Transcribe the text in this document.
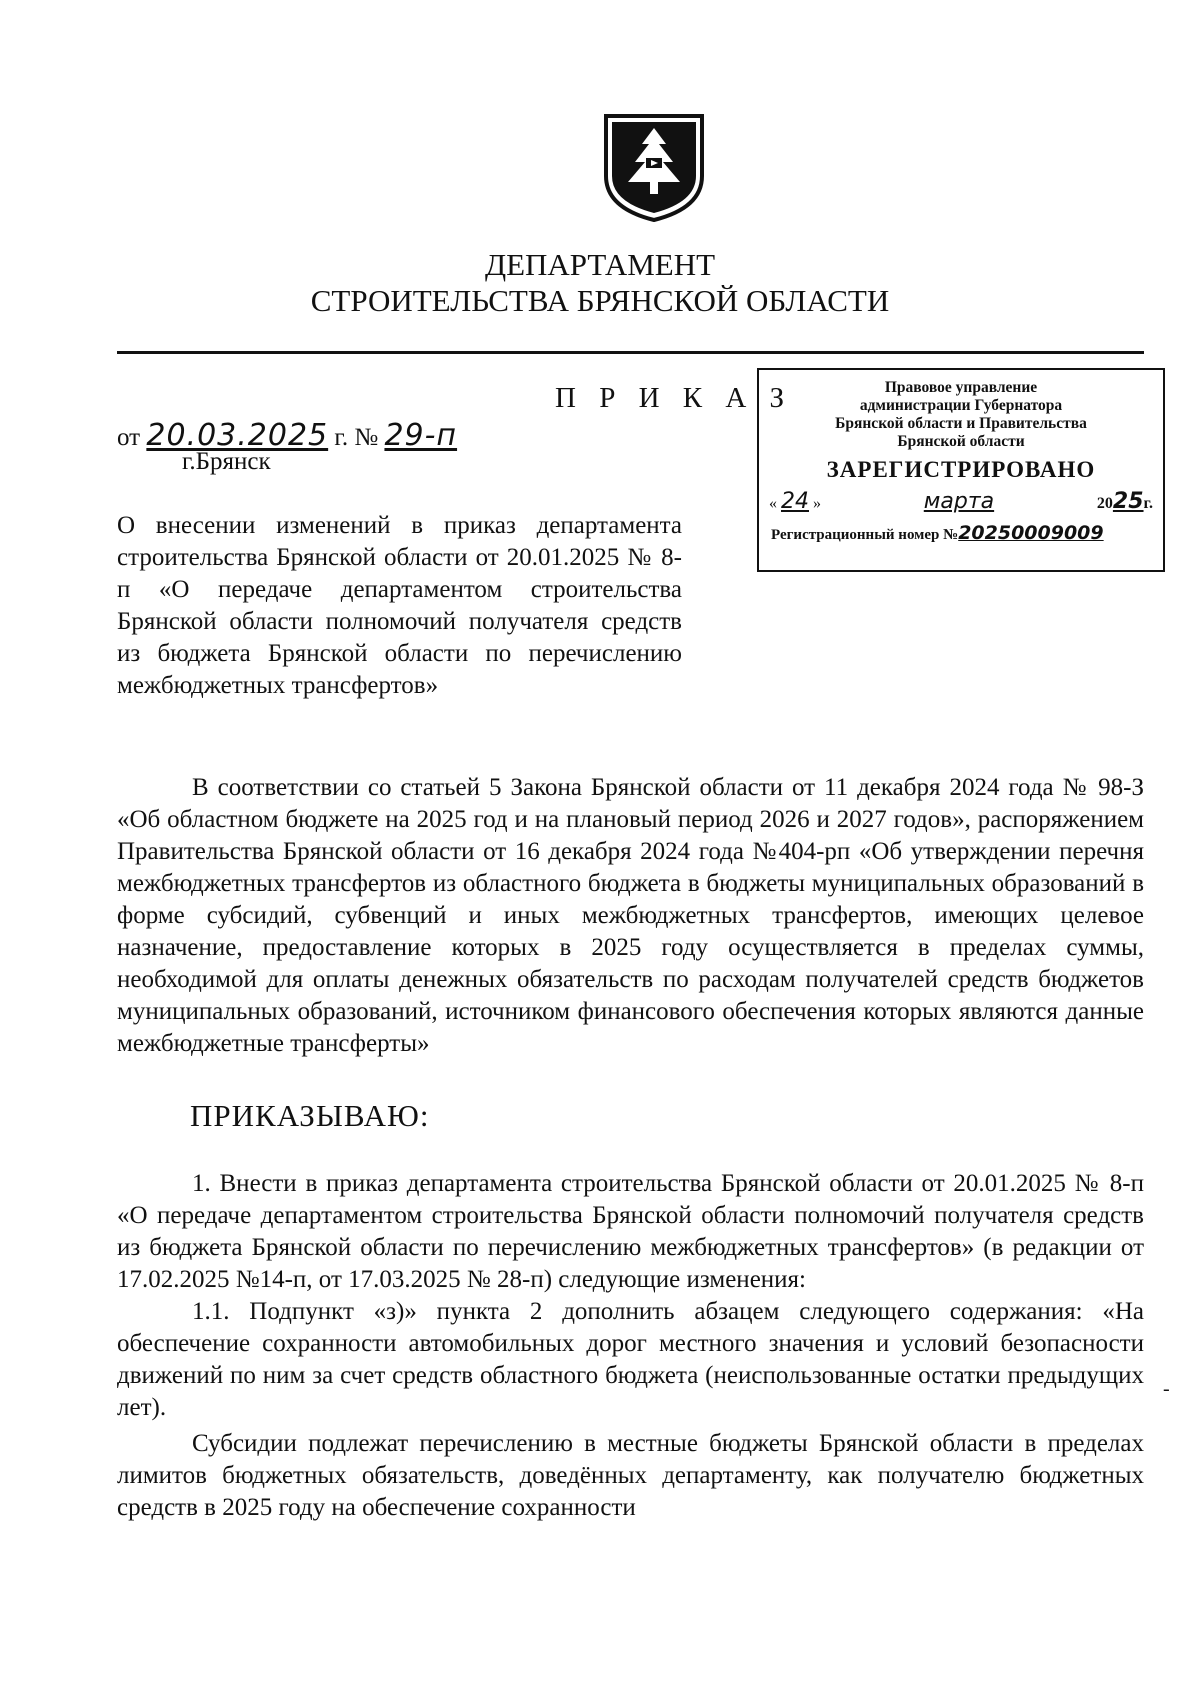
ДЕПАРТАМЕНТ
СТРОИТЕЛЬСТВА БРЯНСКОЙ ОБЛАСТИ
П Р И К А З
от 20.03.2025 г. № 29-п
г.Брянск
О внесении изменений в приказ департамента строительства Брянской области от 20.01.2025 № 8-п «О передаче департаментом строительства Брянской области полномочий получателя средств из бюджета Брянской области по перечислению межбюджетных трансфертов»
Правовое управление
администрации Губернатора
Брянской области и Правительства
Брянской области
ЗАРЕГИСТРИРОВАНО
« 24 »	марта	2025г.
Регистрационный номер №20250009009

В соответствии со статьей 5 Закона Брянской области от 11 декабря 2024 года № 98-З «Об областном бюджете на 2025 год и на плановый период 2026 и 2027 годов», распоряжением Правительства Брянской области от 16 декабря 2024 года №404-рп «Об утверждении перечня межбюджетных трансфертов из областного бюджета в бюджеты муниципальных образований в форме субсидий, субвенций и иных межбюджетных трансфертов, имеющих целевое назначение, предоставление которых в 2025 году осуществляется в пределах суммы, необходимой для оплаты денежных обязательств по расходам получателей средств бюджетов муниципальных образований, источником финансового обеспечения которых являются данные межбюджетные трансферты»

ПРИКАЗЫВАЮ:

1. Внести в приказ департамента строительства Брянской области от 20.01.2025 № 8-п «О передаче департаментом строительства Брянской области полномочий получателя средств из бюджета Брянской области по перечислению межбюджетных трансфертов» (в редакции от 17.02.2025 №14-п, от 17.03.2025 № 28-п) следующие изменения:

1.1. Подпункт «з)» пункта 2 дополнить абзацем следующего содержания: «На обеспечение сохранности автомобильных дорог местного значения и условий безопасности движений по ним за счет средств областного бюджета (неиспользованные остатки предыдущих лет).

Субсидии подлежат перечислению в местные бюджеты Брянской области в пределах лимитов бюджетных обязательств, доведённых департаменту, как получателю бюджетных средств в 2025 году на обеспечение сохранности

-
